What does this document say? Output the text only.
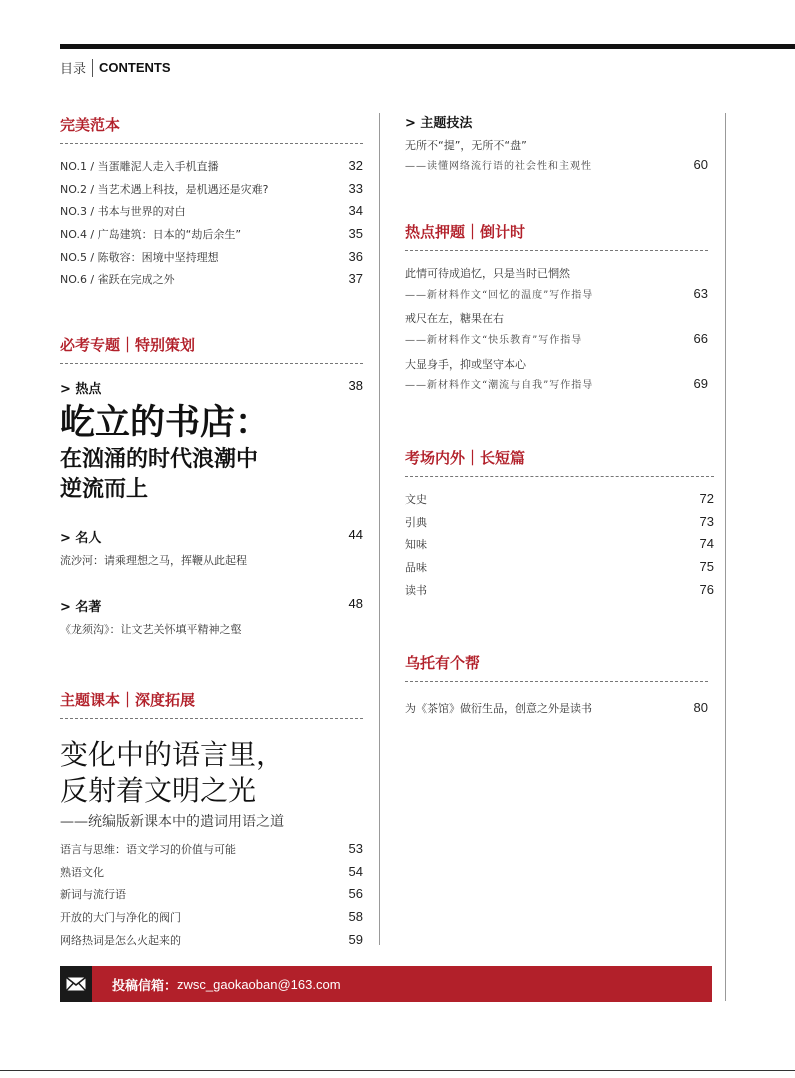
目录 CONTENTS
完美范本
NO.1 / 当蛋雕泥人走入手机直播	32
NO.2 / 当艺术遇上科技，是机遇还是灾难?	33
NO.3 / 书本与世界的对白	34
NO.4 / 广岛建筑：日本的“劫后余生”	35
NO.5 / 陈敬容：困境中坚持理想	36
NO.6 / 雀跃在完成之外	37
必考专题｜特别策划
> 热点	38
屹立的书店：
在汹涌的时代浪潮中
逆流而上
> 名人	44
流沙河：请乘理想之马，挥鞭从此起程
> 名著	48
《龙须沟》：让文艺关怀填平精神之壑
主题课本｜深度拓展
变化中的语言里，
反射着文明之光
——统编版新课本中的遣词用语之道
语言与思维：语文学习的价值与可能	53
熟语文化	54
新词与流行语	56
开放的大门与净化的阀门	58
网络热词是怎么火起来的	59
> 主题技法
无所不“提”，无所不“盘”
——读懂网络流行语的社会性和主观性	60
热点押题｜倒计时
此情可待成追忆，只是当时已惘然
——新材料作文“回忆的温度”写作指导	63
戒尺在左，糖果在右
——新材料作文“快乐教育”写作指导	66
大显身手，抑或坚守本心
——新材料作文“潮流与自我”写作指导	69
考场内外｜长短篇
文史	72
引典	73
知味	74
品味	75
读书	76
乌托有个帮
为《茶馆》做衍生品，创意之外是读书	80
投稿信箱： zwsc_gaokaoban@163.com
